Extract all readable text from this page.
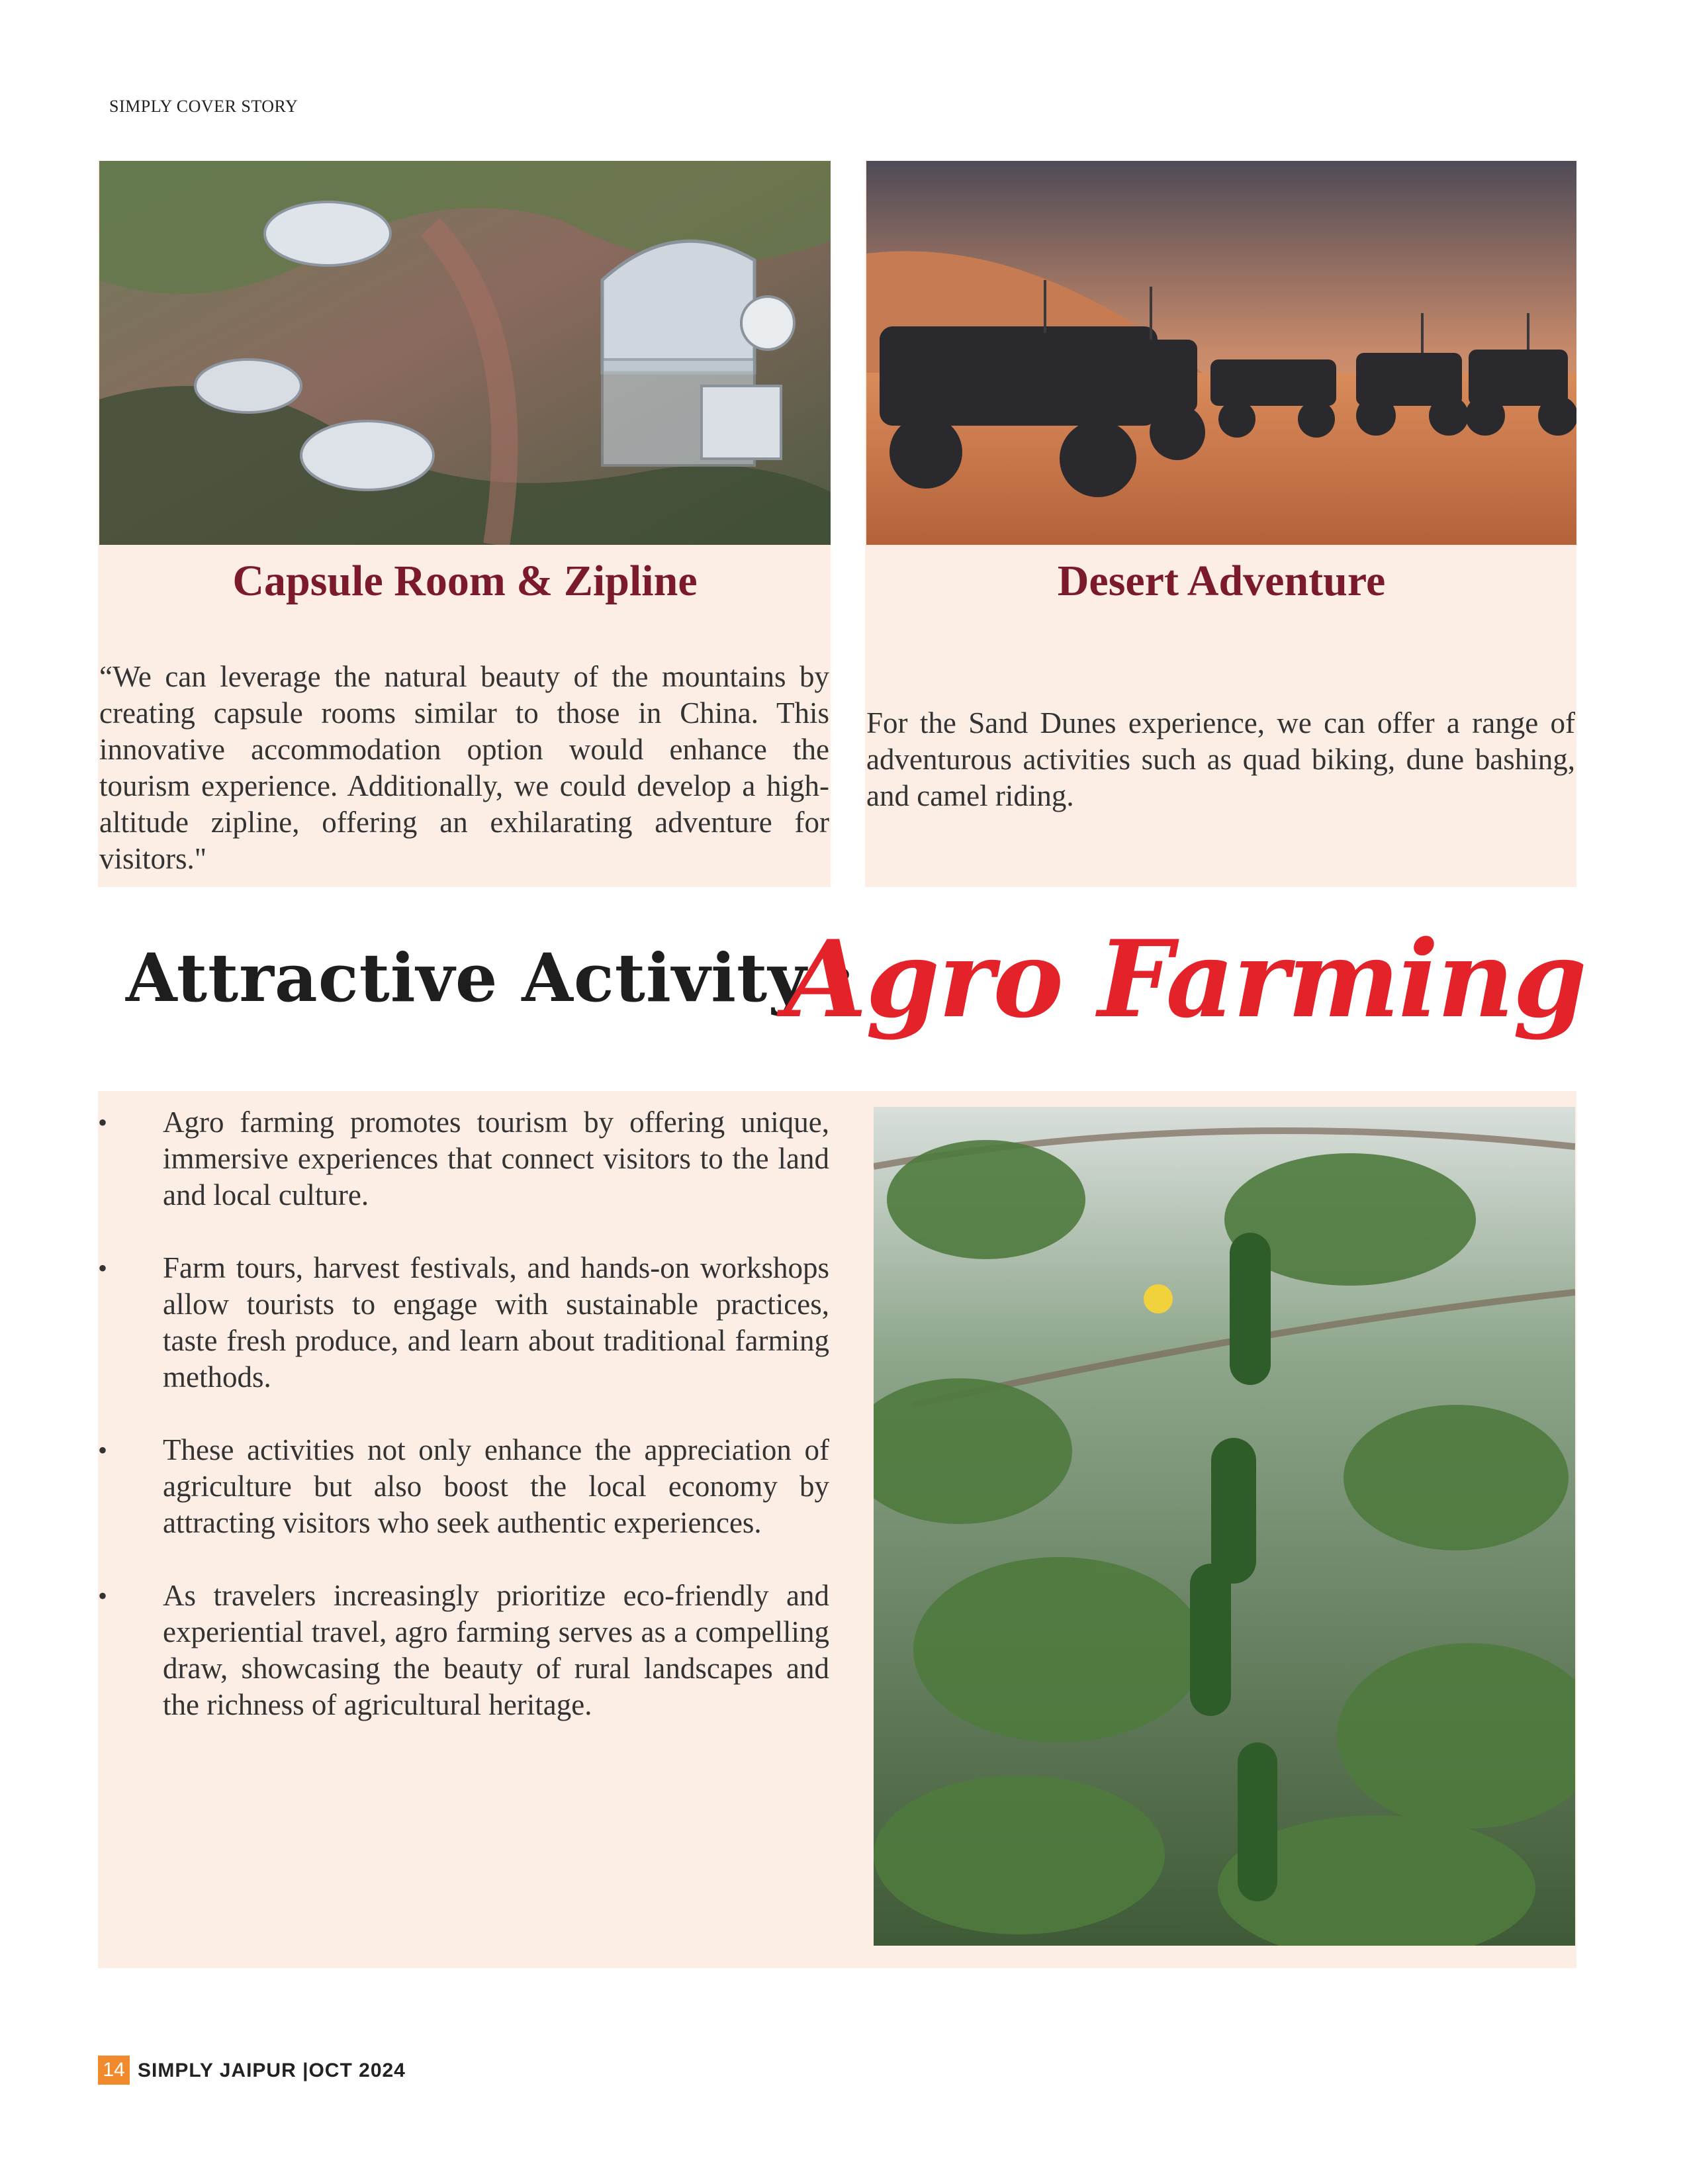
SIMPLY COVER STORY
Capsule Room & Zipline
“We can leverage the natural beauty of the mountains by creating capsule rooms similar to those in China. This innovative accommodation option would enhance the tourism experience. Additionally, we could develop a high-altitude zipline, offering an exhilarating adventure for visitors."
Desert Adventure
For the Sand Dunes experience, we can offer a range of adventurous activities such as quad biking, dune bashing, and camel riding.
Attractive Activity :
Agro Farming
• Agro farming promotes tourism by offering unique, immersive experiences that connect visitors to the land and local culture.
• Farm tours, harvest festivals, and hands-on workshops allow tourists to engage with sustainable practices, taste fresh produce, and learn about traditional farming methods.
• These activities not only enhance the appreciation of agriculture but also boost the local economy by attracting visitors who seek authentic experiences.
• As travelers increasingly prioritize eco-friendly and experiential travel, agro farming serves as a compelling draw, showcasing the beauty of rural landscapes and the richness of agricultural heritage.
14 SIMPLY JAIPUR |OCT 2024
